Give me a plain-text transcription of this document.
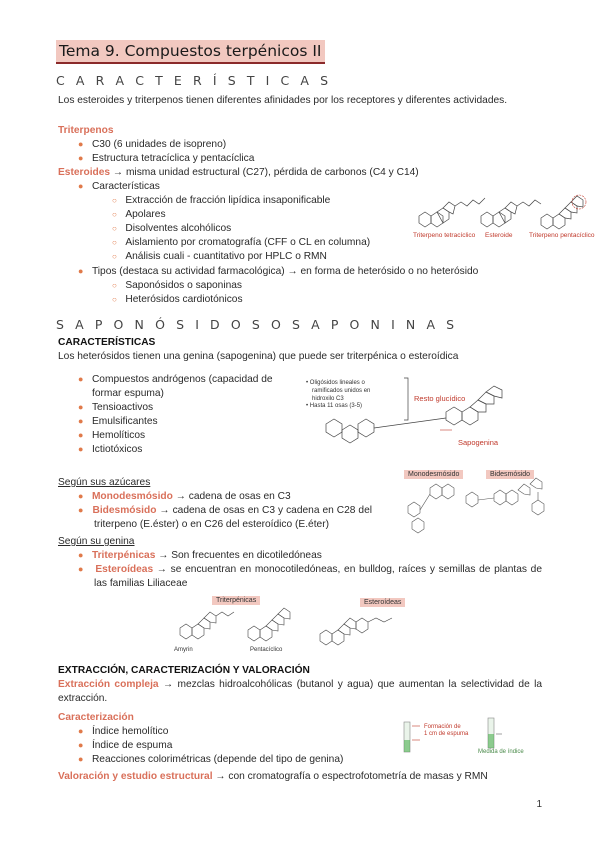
Tema 9. Compuestos terpénicos II
C A R A C T E R Í S T I C A S
Los esteroides y triterpenos tienen diferentes afinidades por los receptores y diferentes actividades.
Triterpenos
● C30 (6 unidades de isopreno)
● Estructura tetracíclica y pentacíclica
Esteroides → misma unidad estructural (C27), pérdida de carbonos (C4 y C14)
● Características
○ Extracción de fracción lipídica insaponificable
○ Apolares
○ Disolventes alcohólicos
○ Aislamiento por cromatografía (CFF o CL en columna)
○ Análisis cuali - cuantitativo por HPLC o RMN
● Tipos (destaca su actividad farmacológica) → en forma de heterósido o no heterósido
○ Saponósidos o saponinas
○ Heterósidos cardiotónicos
Triterpeno tetracíclico Esteroide	Triterpeno pentacíclico
S A P O N Ó S I D O S O S A P O N I N A S
CARACTERÍSTICAS
Los heterósidos tienen una genina (sapogenina) que puede ser triterpénica o esteroídica
● Compuestos andrógenos (capacidad de
formar espuma)
● Tensioactivos
● Emulsificantes
● Hemolíticos
● Ictiotóxicos
• Oligósidos lineales o
ramificados unidos en
hidroxilo C3
• Hasta 11 osas (3-5)
Resto glucídico
Sapogenina
Según sus azúcares
● Monodesmósido → cadena de osas en C3
● Bidesmósido → cadena de osas en C3 y cadena en C28 del triterpeno (E.éster) o en C26 del esteroídico (E.éter)
Monodesmósido	Bidesmósido
Según su genina
● Triterpénicas → Son frecuentes en dicotiledóneas
● Esteroídeas → se encuentran en monocotiledóneas, en bulldog, raíces y semillas de plantas de las familias Liliaceae
Triterpénicas	Esteroídeas
Amyrin	Pentacíclico
EXTRACCIÓN, CARACTERIZACIÓN Y VALORACIÓN
Extracción compleja → mezclas hidroalcohólicas (butanol y agua) que aumentan la selectividad de la extracción.
Caracterización
● Índice hemolítico
● Índice de espuma
● Reacciones colorimétricas (depende del tipo de genina)
Formación de
1 cm de espuma
Medida de índice
Valoración y estudio estructural → con cromatografía o espectrofotometría de masas y RMN
1
